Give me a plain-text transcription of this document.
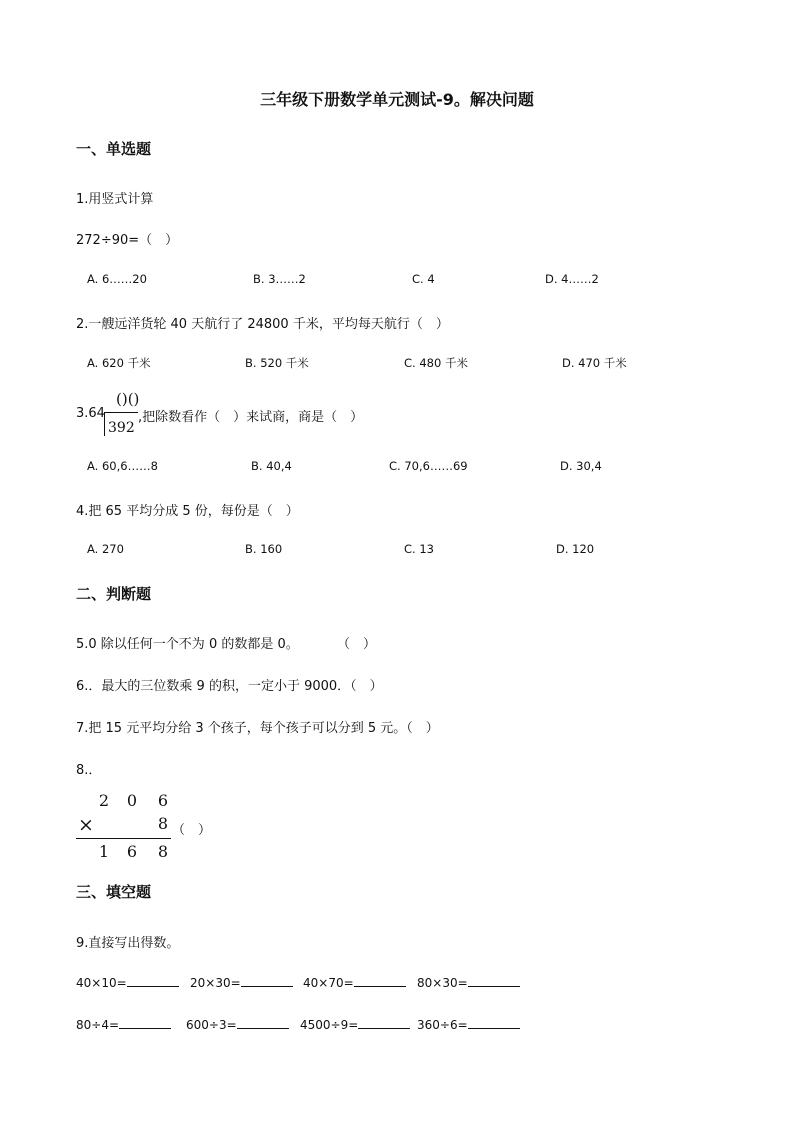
三年级下册数学单元测试-9。解决问题
一、单选题
1.用竖式计算
272÷90=（　）
A. 6……20	B. 3……2	C. 4	D. 4……2
2.一艘远洋货轮 40 天航行了 24800 千米，平均每天航行（　）
A. 620 千米	B. 520 千米	C. 480 千米	D. 470 千米
3.64
()()
392
,把除数看作（　）来试商，商是（　）
A. 60,6……8	B. 40,4	C. 70,6……69	D. 30,4
4.把 65 平均分成 5 份，每份是（　）
A. 270	B. 160	C. 13	D. 120
二、判断题
5.0 除以任何一个不为 0 的数都是 0。	（　）
6.．最大的三位数乘 9 的积，一定小于 9000．（　）
7.把 15 元平均分给 3 个孩子，每个孩子可以分到 5 元。（　）
8.．
2 0 6
×	8
1 6 8
（　）
三、填空题
9.直接写出得数。
40×10=	20×30=	40×70=	80×30=
80÷4=	600÷3=	4500÷9=	360÷6=
